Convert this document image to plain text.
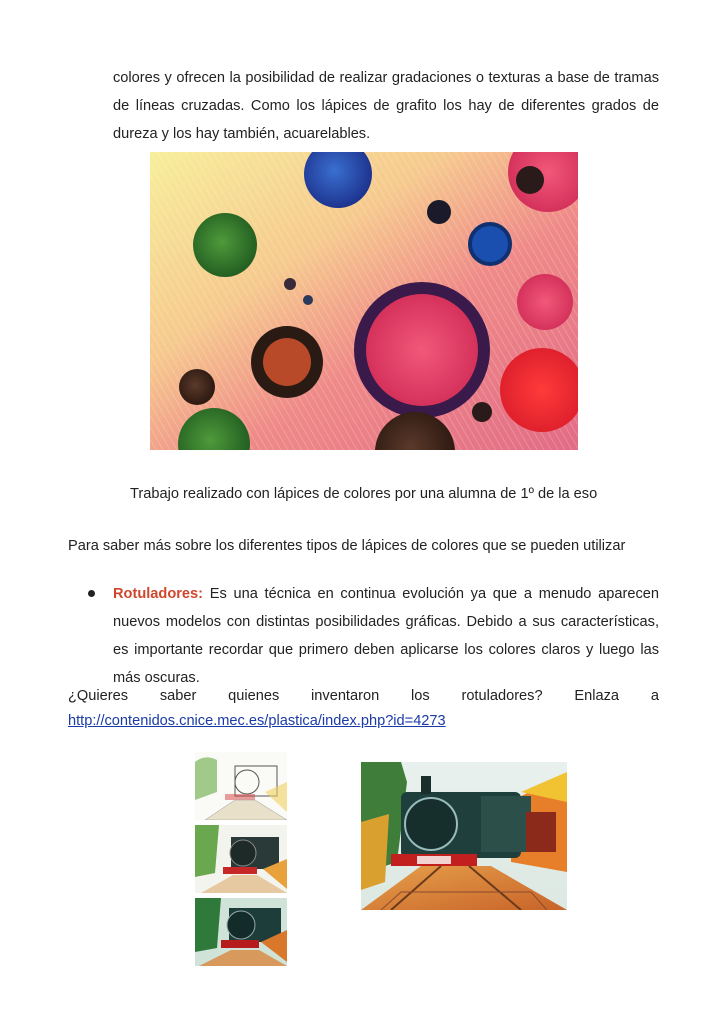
colores y ofrecen la posibilidad de realizar gradaciones o texturas a base de tramas
de líneas cruzadas. Como los lápices de grafito los hay de diferentes grados de
dureza y los hay también, acuarelables.
Trabajo realizado con lápices de colores por una alumna de 1º de la eso
Para saber más sobre los diferentes tipos de lápices de colores que se pueden utilizar
Rotuladores: Es una técnica en continua evolución ya que a menudo aparecen
nuevos modelos con distintas posibilidades gráficas. Debido a sus características,
es importante recordar que primero deben aplicarse los colores claros y luego las
más oscuras.
¿Quieres saber quienes inventaron los rotuladores? Enlaza a
http://contenidos.cnice.mec.es/plastica/index.php?id=4273
